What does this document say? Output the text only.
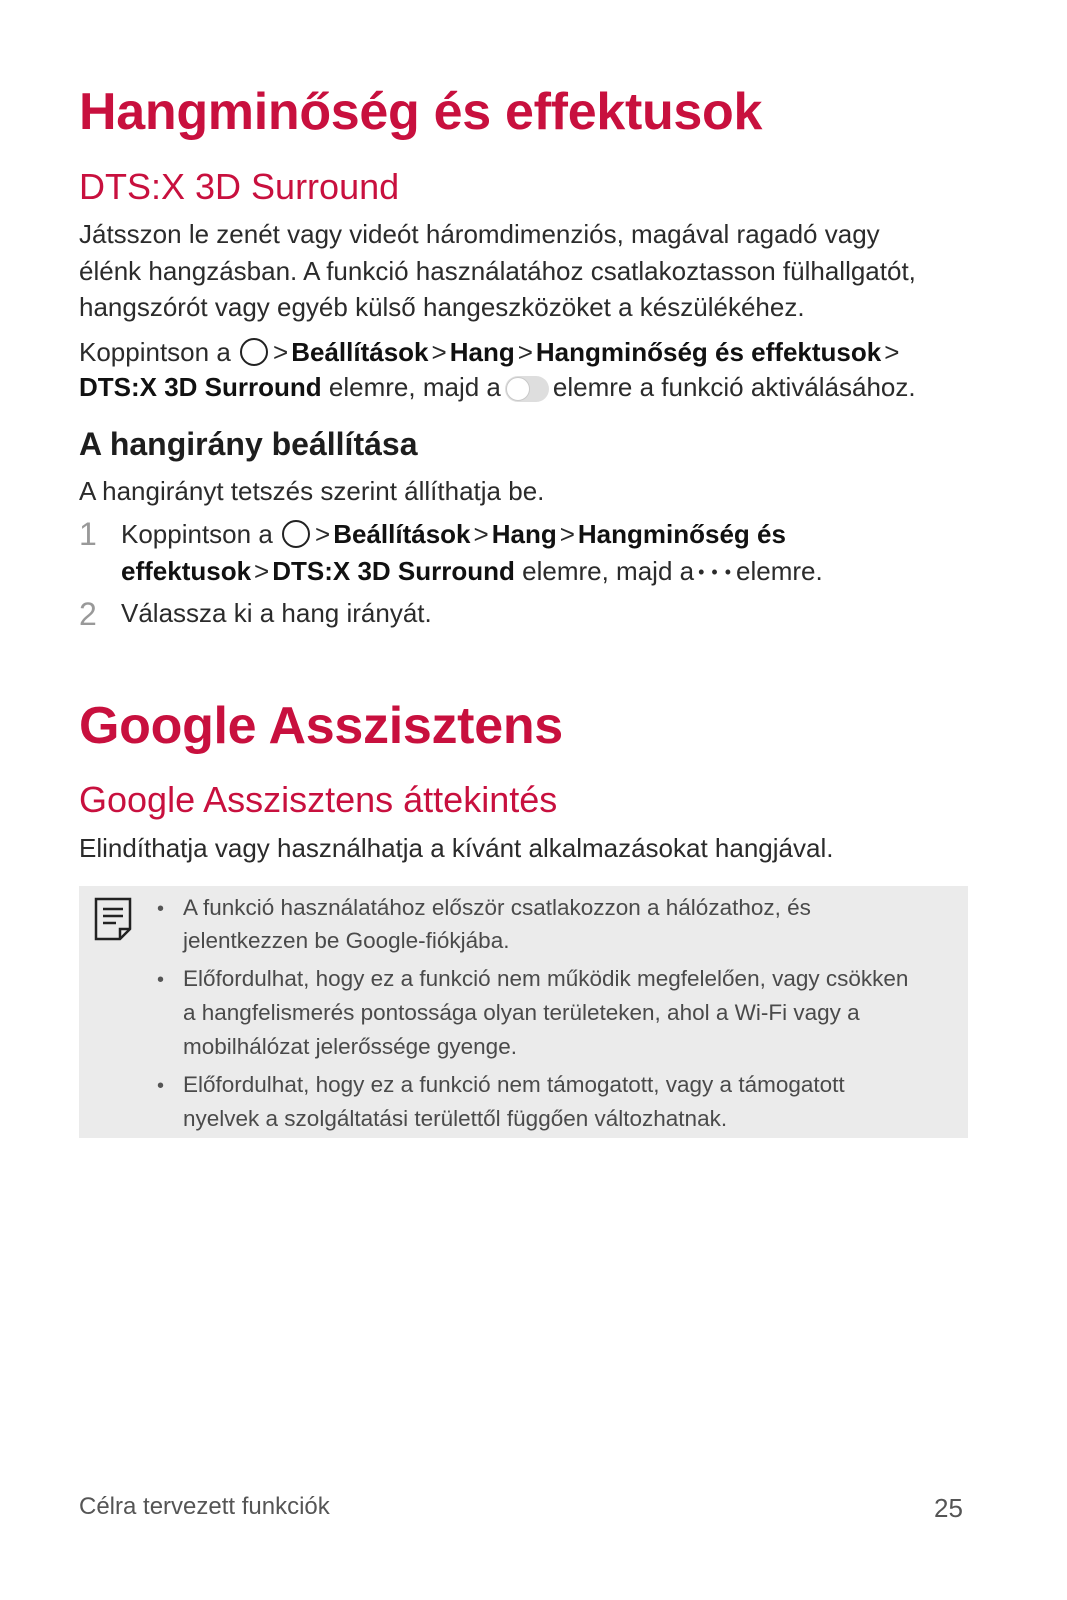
Hangminőség és effektusok
DTS:X 3D Surround
Játsszon le zenét vagy videót háromdimenziós, magával ragadó vagy
élénk hangzásban. A funkció használatához csatlakoztasson fülhallgatót,
hangszórót vagy egyéb külső hangeszközöket a készülékéhez.
Koppintson a > Beállítások > Hang > Hangminőség és effektusok >
DTS:X 3D Surround elemre, majd a elemre a funkció aktiválásához.
A hangirány beállítása
A hangirányt tetszés szerint állíthatja be.
1 Koppintson a > Beállítások > Hang > Hangminőség és
effektusok > DTS:X 3D Surround elemre, majd a • • • elemre.
2 Válassza ki a hang irányát.
Google Asszisztens
Google Asszisztens áttekintés
Elindíthatja vagy használhatja a kívánt alkalmazásokat hangjával.
• A funkció használatához először csatlakozzon a hálózathoz, és
jelentkezzen be Google-fiókjába.
• Előfordulhat, hogy ez a funkció nem működik megfelelően, vagy csökken
a hangfelismerés pontossága olyan területeken, ahol a Wi-Fi vagy a
mobilhálózat jelerőssége gyenge.
• Előfordulhat, hogy ez a funkció nem támogatott, vagy a támogatott
nyelvek a szolgáltatási területtől függően változhatnak.
Célra tervezett funkciók	25
